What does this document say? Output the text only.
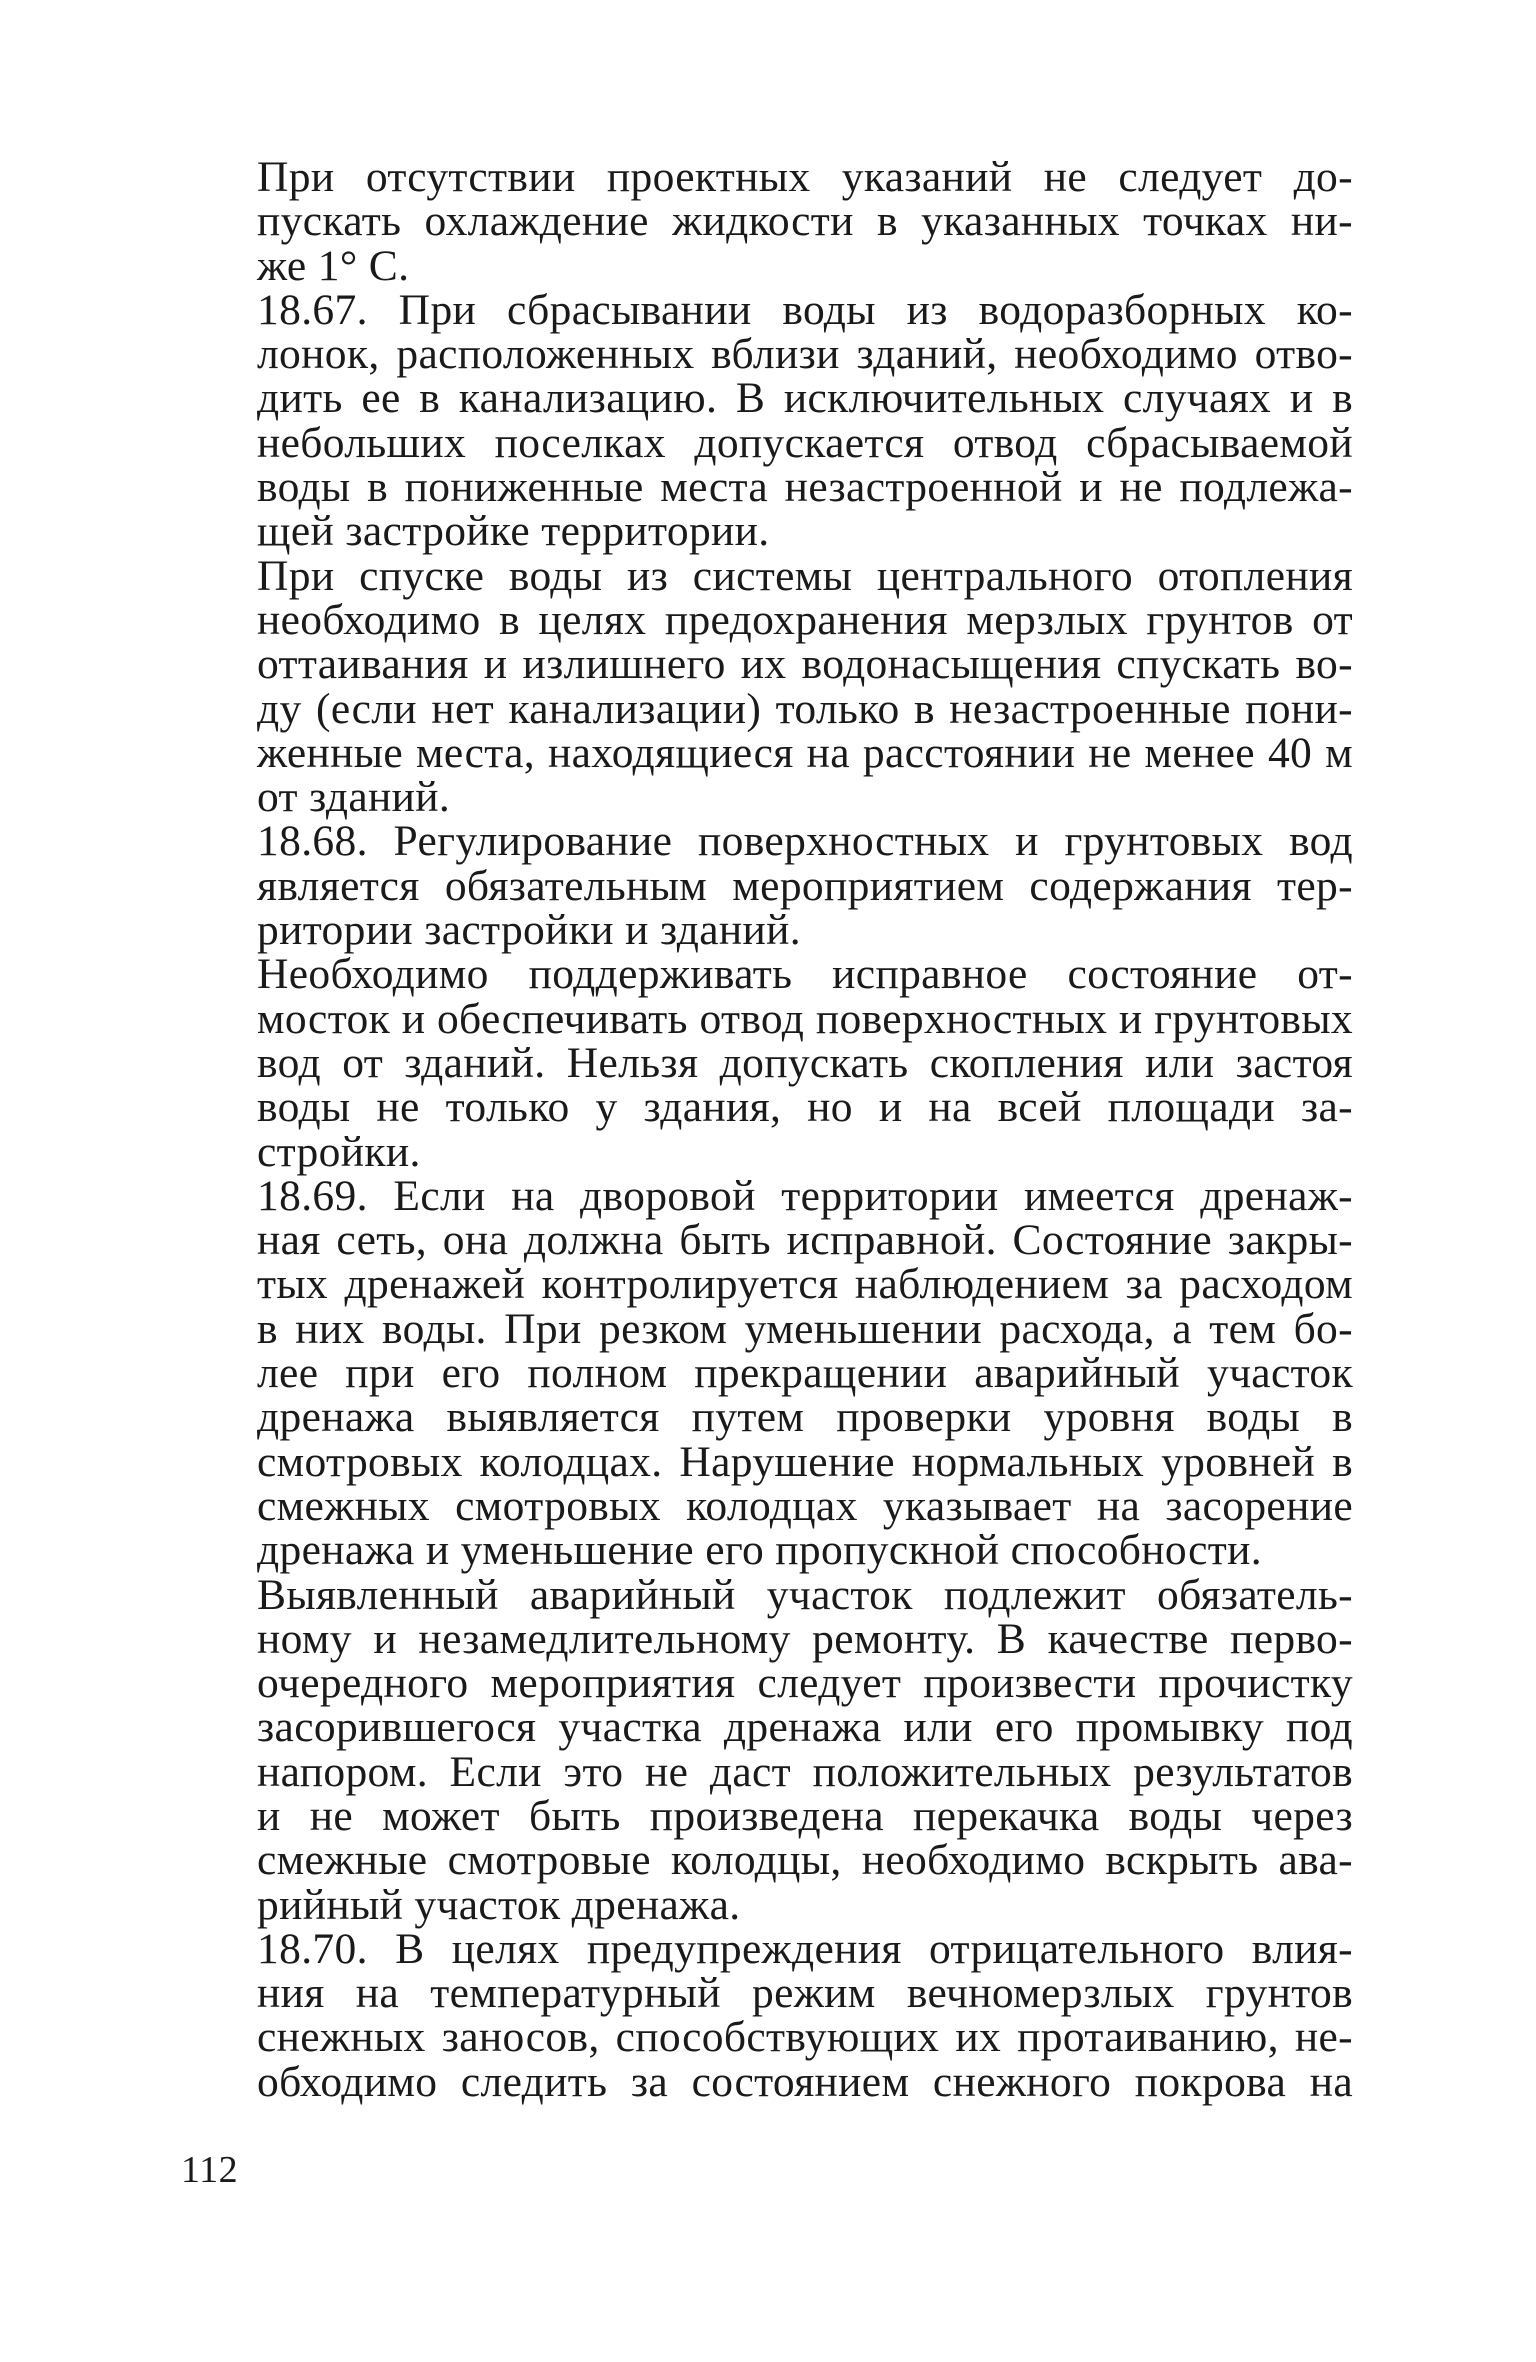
При отсутствии проектных указаний не следует до-
пускать охлаждение жидкости в указанных точках ни-
же 1° С.

18.67. При сбрасывании воды из водоразборных ко-
лонок, расположенных вблизи зданий, необходимо отво-
дить ее в канализацию. В исключительных случаях и в
небольших поселках допускается отвод сбрасываемой
воды в пониженные места незастроенной и не подлежа-
щей застройке территории.

При спуске воды из системы центрального отопления
необходимо в целях предохранения мерзлых грунтов от
оттаивания и излишнего их водонасыщения спускать во-
ду (если нет канализации) только в незастроенные пони-
женные места, находящиеся на расстоянии не менее 40 м
от зданий.

18.68. Регулирование поверхностных и грунтовых вод
является обязательным мероприятием содержания тер-
ритории застройки и зданий.

Необходимо поддерживать исправное состояние от-
мосток и обеспечивать отвод поверхностных и грунтовых
вод от зданий. Нельзя допускать скопления или застоя
воды не только у здания, но и на всей площади за-
стройки.

18.69. Если на дворовой территории имеется дренаж-
ная сеть, она должна быть исправной. Состояние закры-
тых дренажей контролируется наблюдением за расходом
в них воды. При резком уменьшении расхода, а тем бо-
лее при его полном прекращении аварийный участок
дренажа выявляется путем проверки уровня воды в
смотровых колодцах. Нарушение нормальных уровней в
смежных смотровых колодцах указывает на засорение
дренажа и уменьшение его пропускной способности.

Выявленный аварийный участок подлежит обязатель-
ному и незамедлительному ремонту. В качестве перво-
очередного мероприятия следует произвести прочистку
засорившегося участка дренажа или его промывку под
напором. Если это не даст положительных результатов
и не может быть произведена перекачка воды через
смежные смотровые колодцы, необходимо вскрыть ава-
рийный участок дренажа.

18.70. В целях предупреждения отрицательного влия-
ния на температурный режим вечномерзлых грунтов
снежных заносов, способствующих их протаиванию, не-
обходимо следить за состоянием снежного покрова на

112
